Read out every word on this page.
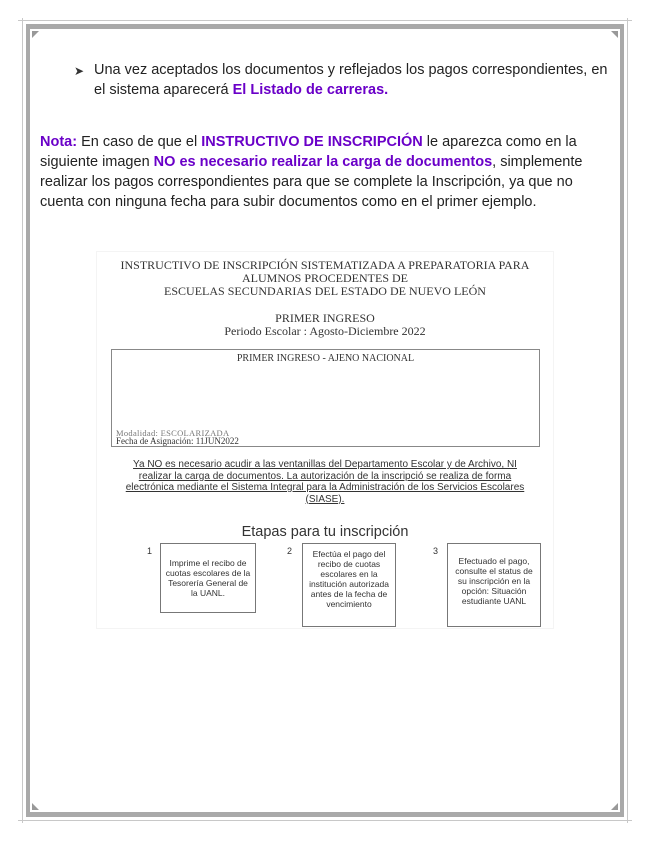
➤ Una vez aceptados los documentos y reflejados los pagos correspondientes, en el sistema aparecerá El Listado de carreras.
Nota: En caso de que el INSTRUCTIVO DE INSCRIPCIÓN le aparezca como en la siguiente imagen NO es necesario realizar la carga de documentos, simplemente realizar los pagos correspondientes para que se complete la Inscripción, ya que no cuenta con ninguna fecha para subir documentos como en el primer ejemplo.
INSTRUCTIVO DE INSCRIPCIÓN SISTEMATIZADA A PREPARATORIA PARA
ALUMNOS PROCEDENTES DE
ESCUELAS SECUNDARIAS DEL ESTADO DE NUEVO LEÓN
PRIMER INGRESO
Periodo Escolar : Agosto-Diciembre 2022
PRIMER INGRESO - AJENO NACIONAL
Modalidad: ESCOLARIZADA
Fecha de Asignación: 11JUN2022
Ya NO es necesario acudir a las ventanillas del Departamento Escolar y de Archivo, NI realizar la carga de documentos. La autorización de la inscripció se realiza de forma electrónica mediante el Sistema Integral para la Administración de los Servicios Escolares (SIASE).
Etapas para tu inscripción
1
Imprime el recibo de cuotas escolares de la Tesorería General de la UANL.
2	Efectúa el pago del recibo de cuotas escolares en la institución autorizada antes de la fecha de vencimiento
3
Efectuado el pago, consulte el status de su inscripción en la opción: Situación estudiante UANL
